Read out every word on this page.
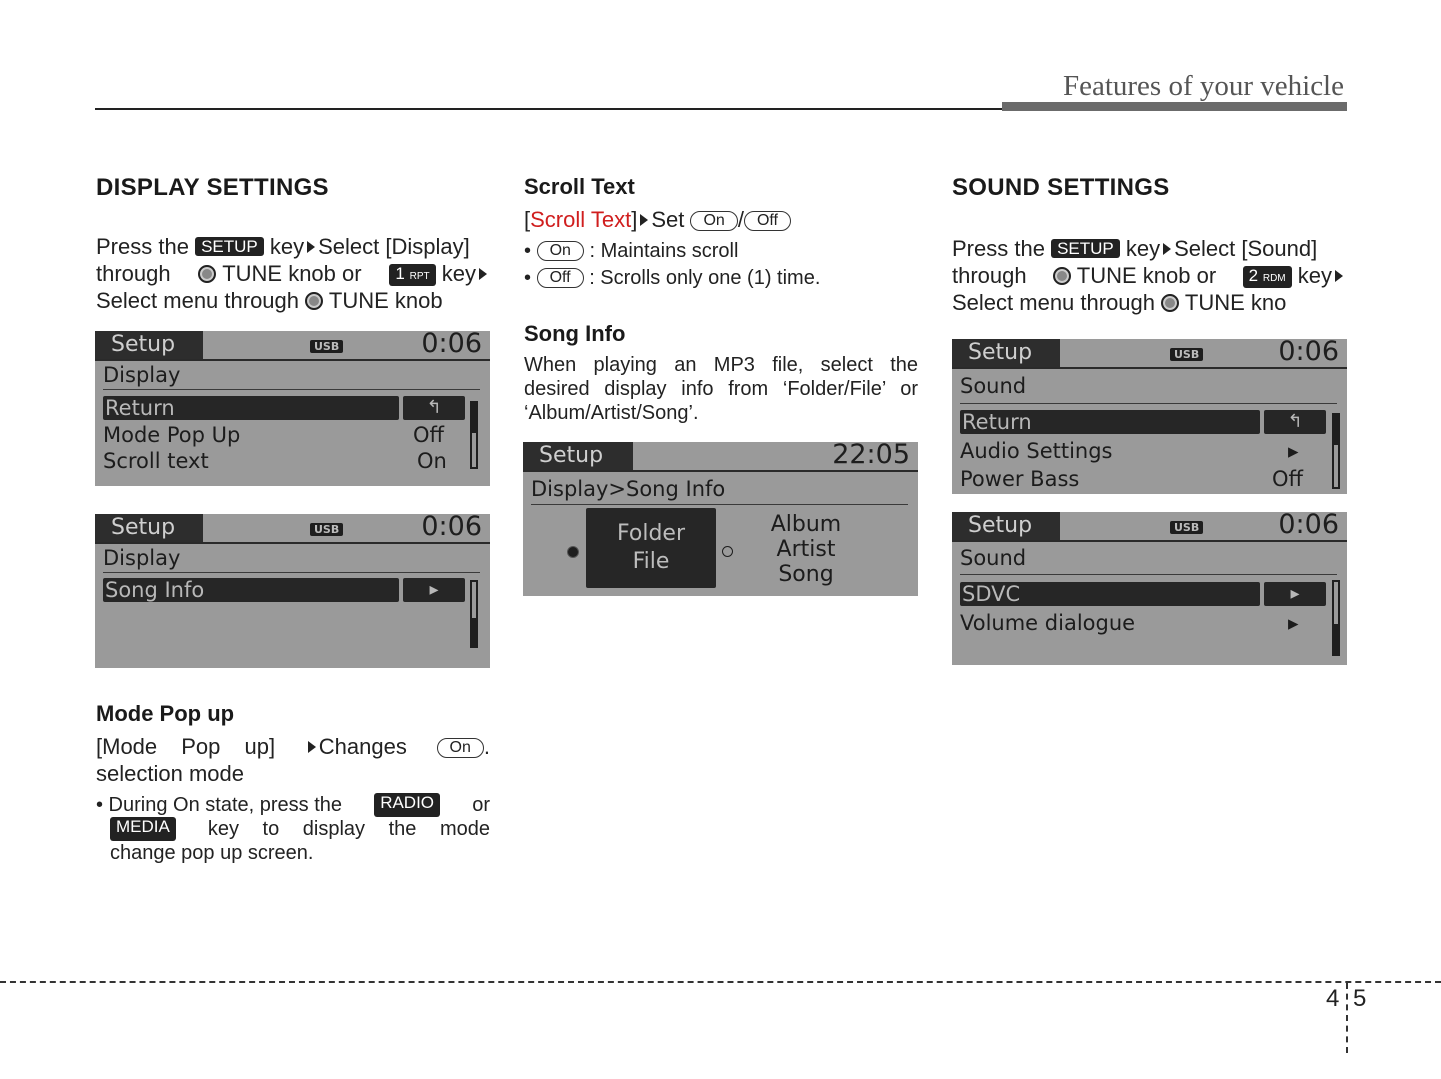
Features of your vehicle
DISPLAY SETTINGS
Press the SETUP key Select [Display]
through	TUNE knob or	1 RPT key
Select menu through TUNE knob
Setup	USB	0:06
Display
Return	↰
Mode Pop Up	Off
Scroll text	On
Setup	USB	0:06
Display
Song Info	▸
Mode Pop up
[Mode Pop up]	Changes	On .
selection mode
• During On state, press the	RADIO	or
MEDIA	key to display the mode
change pop up screen.
Scroll Text
[Scroll Text] Set On / Off
• On : Maintains scroll
• Off : Scrolls only one (1) time.
Song Info
When playing an MP3 file, select the desired display info from ‘Folder/File’ or ‘Album/Artist/Song’.
Setup	22:05
Display>Song Info
Folder
File
Album
Artist
Song
SOUND SETTINGS
Press the SETUP key Select [Sound]
through	TUNE knob or	2 RDM key
Select menu through TUNE kno
Setup	USB	0:06
Sound
Return	↰
Audio Settings	▸
Power Bass	Off
Setup	USB	0:06
Sound
SDVC	▸
Volume dialogue	▸
4 5
